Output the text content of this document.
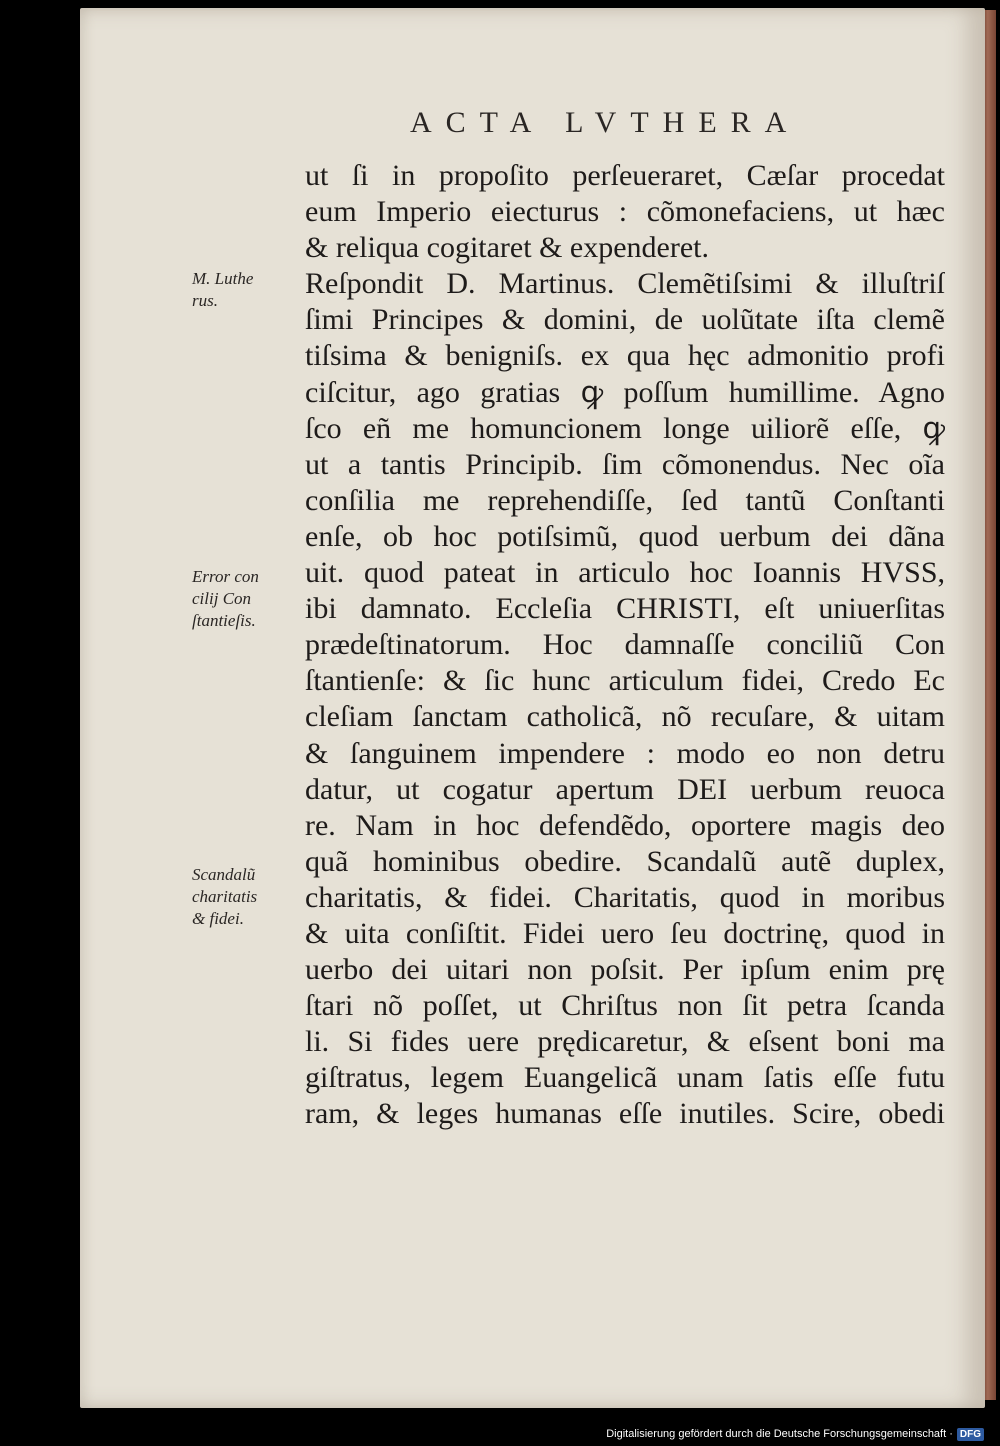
ACTA LVTHERA
M. Luthe
rus.
Error con
cilij Con
ſtantieſis.
Scandalũ
charitatis
& fidei.
ut ſi in propoſito perſeueraret, Cæſar procedat
eum Imperio eiecturus : cõmonefaciens, ut hæc
& reliqua cogitaret & expenderet.
Reſpondit D. Martinus. Clemẽtiſsimi & illuſtriſ
ſimi Principes & domini, de uolũtate iſta clemẽ
tiſsima & benigniſs. ex qua hęc admonitio profi
ciſcitur, ago gratias ꝙ poſſum humillime. Agno
ſco eñ me homuncionem longe uiliorẽ eſſe, ꝙ
ut a tantis Principib. ſim cõmonendus. Nec oĩa
conſilia me reprehendiſſe, ſed tantũ Conſtanti
enſe, ob hoc potiſsimũ, quod uerbum dei dãna
uit. quod pateat in articulo hoc Ioannis HVSS,
ibi damnato. Eccleſia CHRISTI, eſt uniuerſitas
prædeſtinatorum. Hoc damnaſſe conciliũ Con
ſtantienſe: & ſic hunc articulum fidei, Credo Ec
cleſiam ſanctam catholicã, nõ recuſare, & uitam
& ſanguinem impendere : modo eo non detru
datur, ut cogatur apertum DEI uerbum reuoca
re. Nam in hoc defendẽdo, oportere magis deo
quã hominibus obedire. Scandalũ autẽ duplex,
charitatis, & fidei. Charitatis, quod in moribus
& uita conſiſtit. Fidei uero ſeu doctrinę, quod in
uerbo dei uitari non poſsit. Per ipſum enim prę
ſtari nõ poſſet, ut Chriſtus non ſit petra ſcanda
li. Si fides uere prędicaretur, & eſsent boni ma
giſtratus, legem Euangelicã unam ſatis eſſe futu
ram, & leges humanas eſſe inutiles. Scire, obedi
Digitalisierung gefördert durch die Deutsche Forschungsgemeinschaft · DFG
